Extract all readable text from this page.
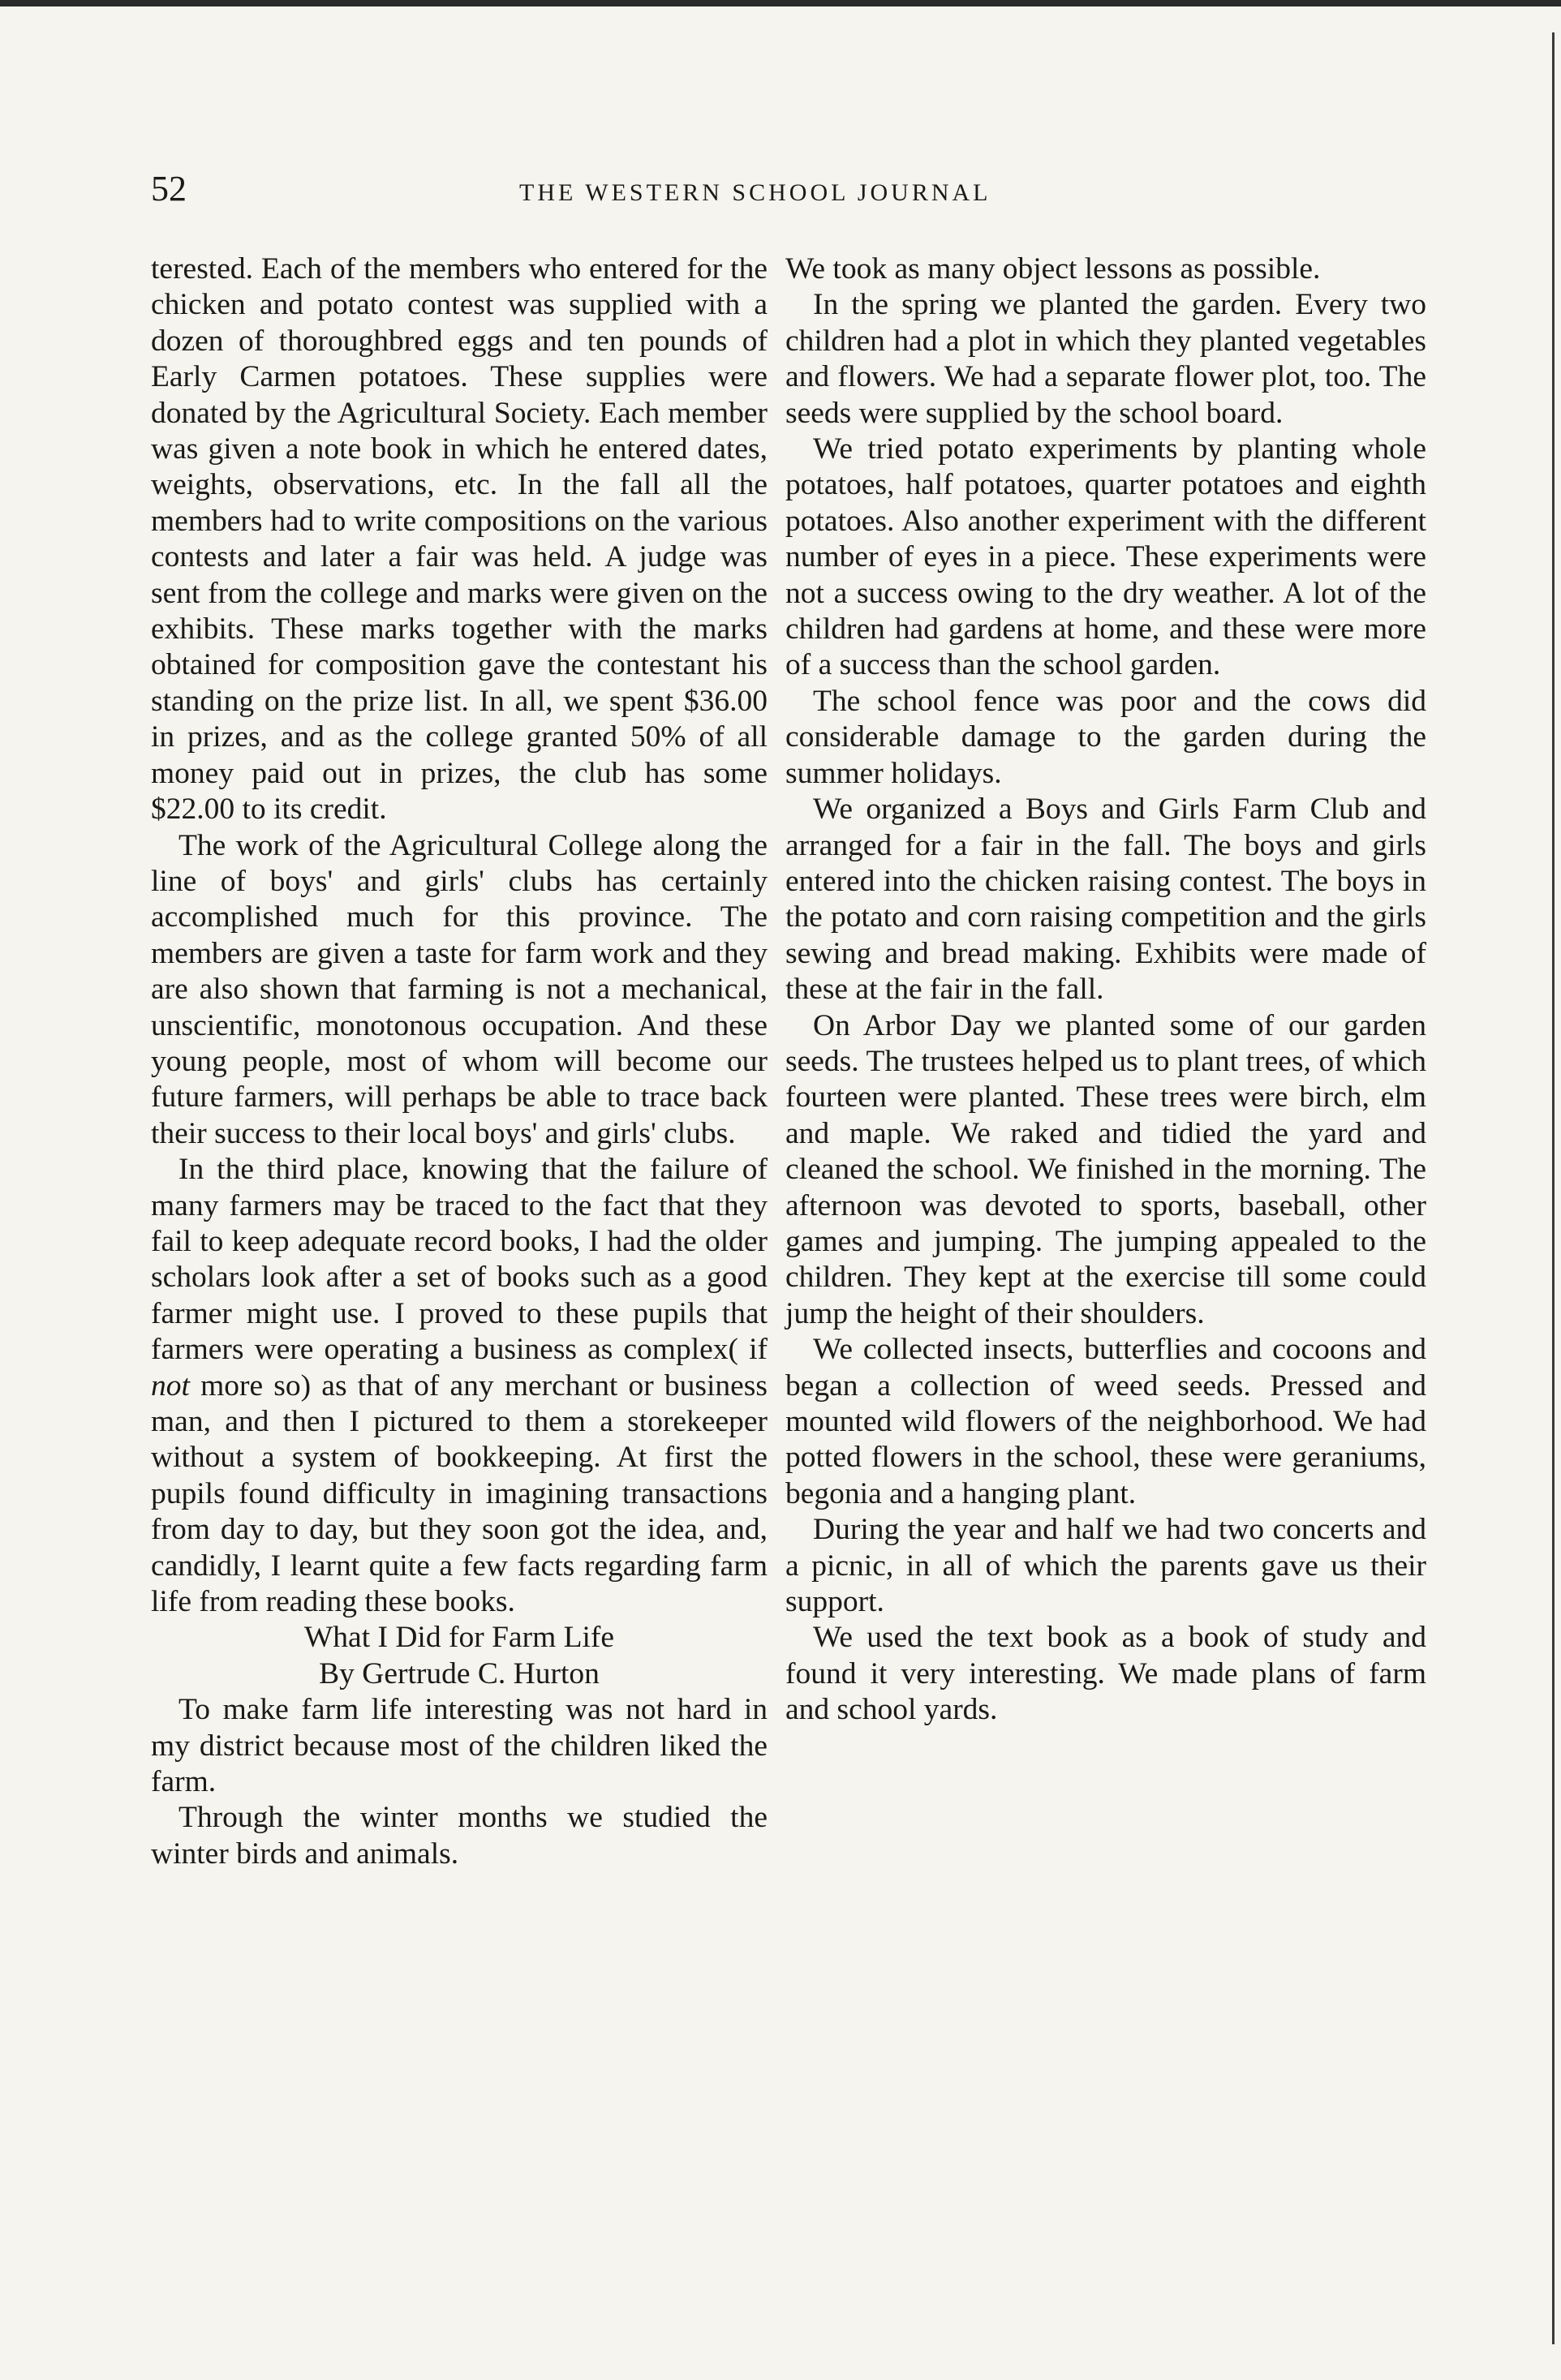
52	THE WESTERN SCHOOL JOURNAL

terested. Each of the members who entered for the chicken and potato contest was supplied with a dozen of thoroughbred eggs and ten pounds of Early Carmen potatoes. These supplies were donated by the Agricultural Society. Each member was given a note book in which he entered dates, weights, observations, etc. In the fall all the members had to write compositions on the various contests and later a fair was held. A judge was sent from the college and marks were given on the exhibits. These marks together with the marks obtained for composition gave the contestant his standing on the prize list. In all, we spent $36.00 in prizes, and as the college granted 50% of all money paid out in prizes, the club has some $22.00 to its credit.

The work of the Agricultural College along the line of boys' and girls' clubs has certainly accomplished much for this province. The members are given a taste for farm work and they are also shown that farming is not a mechanical, unscientific, monotonous occupation. And these young people, most of whom will become our future farmers, will perhaps be able to trace back their success to their local boys' and girls' clubs.

In the third place, knowing that the failure of many farmers may be traced to the fact that they fail to keep adequate record books, I had the older scholars look after a set of books such as a good farmer might use. I proved to these pupils that farmers were operating a business as complex( if not more so) as that of any merchant or business man, and then I pictured to them a storekeeper without a system of bookkeeping. At first the pupils found difficulty in imagining transactions from day to day, but they soon got the idea, and, candidly, I learnt quite a few facts regarding farm life from reading these books.

What I Did for Farm Life

By Gertrude C. Hurton

To make farm life interesting was not hard in my district because most of the children liked the farm.

Through the winter months we studied the winter birds and animals.

We took as many object lessons as possible.

In the spring we planted the garden. Every two children had a plot in which they planted vegetables and flowers. We had a separate flower plot, too. The seeds were supplied by the school board.

We tried potato experiments by planting whole potatoes, half potatoes, quarter potatoes and eighth potatoes. Also another experiment with the different number of eyes in a piece. These experiments were not a success owing to the dry weather. A lot of the children had gardens at home, and these were more of a success than the school garden.

The school fence was poor and the cows did considerable damage to the garden during the summer holidays.

We organized a Boys and Girls Farm Club and arranged for a fair in the fall. The boys and girls entered into the chicken raising contest. The boys in the potato and corn raising competition and the girls sewing and bread making. Exhibits were made of these at the fair in the fall.

On Arbor Day we planted some of our garden seeds. The trustees helped us to plant trees, of which fourteen were planted. These trees were birch, elm and maple. We raked and tidied the yard and cleaned the school. We finished in the morning. The afternoon was devoted to sports, baseball, other games and jumping. The jumping appealed to the children. They kept at the exercise till some could jump the height of their shoulders.

We collected insects, butterflies and cocoons and began a collection of weed seeds. Pressed and mounted wild flowers of the neighborhood. We had potted flowers in the school, these were geraniums, begonia and a hanging plant.

During the year and half we had two concerts and a picnic, in all of which the parents gave us their support.

We used the text book as a book of study and found it very interesting. We made plans of farm and school yards.
